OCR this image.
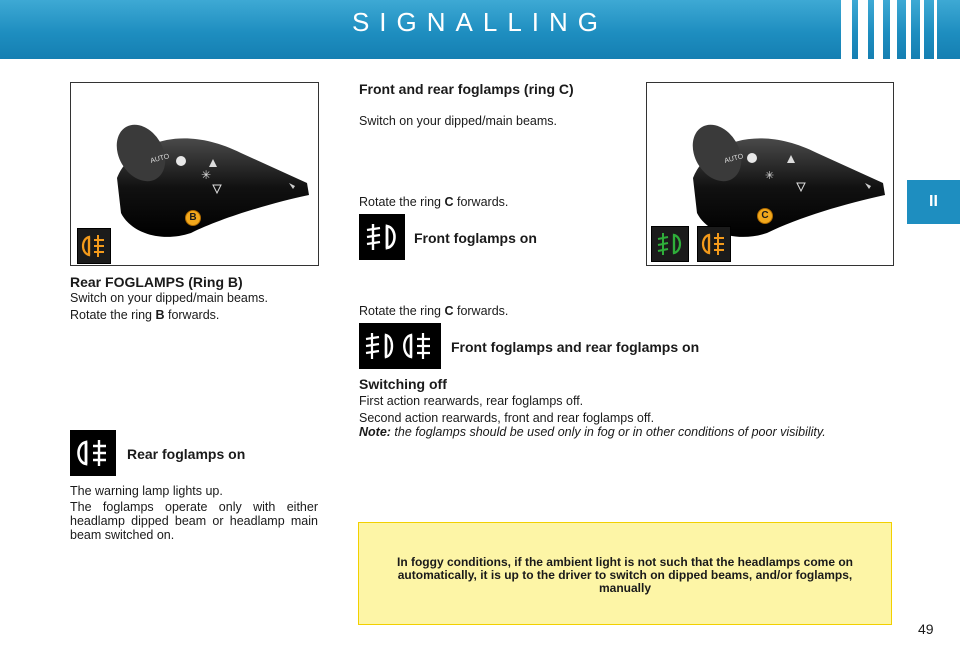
SIGNALLING
II
AUTO
✳
B
AUTO
✳
C

Rear FOGLAMPS (Ring B)

Switch on your dipped/main beams.

Rotate the ring B forwards.

Rear foglamps on

The warning lamp lights up.

The foglamps operate only with either headlamp dipped beam or headlamp main beam switched on.

Front and rear foglamps (ring C)

Switch on your dipped/main beams.

Rotate the ring C forwards.

Front foglamps on

Rotate the ring C forwards.

Front foglamps and rear foglamps on

Switching off

First action rearwards, rear foglamps off.

Second action rearwards, front and rear foglamps off.

Note: the foglamps should be used only in fog or in other conditions of poor visibility.

In foggy conditions, if the ambient light is not such that the headlamps come on automatically, it is up to the driver to switch on dipped beams, and/or foglamps, manually

49
